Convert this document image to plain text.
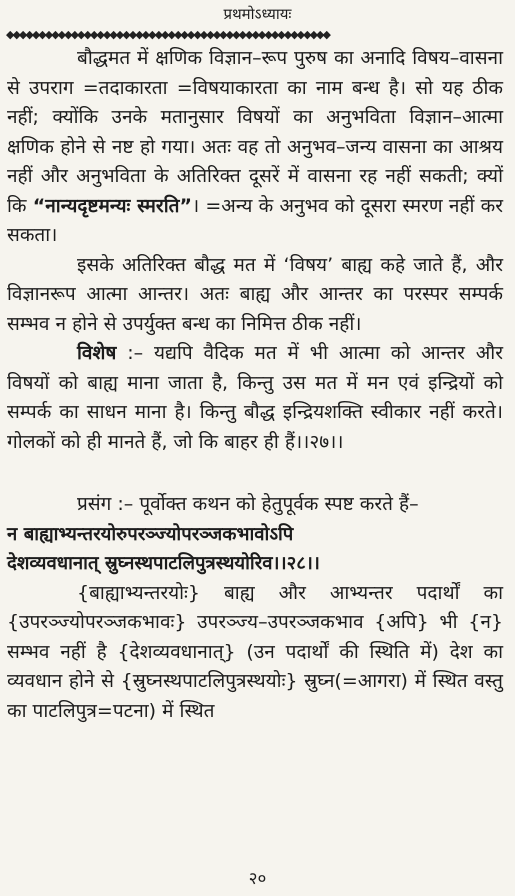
प्रथमोऽध्यायः
◆◆◆◆◆◆◆◆◆◆◆◆◆◆◆◆◆◆◆◆◆◆◆◆◆◆◆◆◆◆◆◆◆◆◆◆◆◆◆◆◆◆◆◆◆◆◆◆◆◆

बौद्धमत में क्षणिक विज्ञान–रूप पुरुष का अनादि विषय–वासना से उपराग =तदाकारता =विषयाकारता का नाम बन्ध है। सो यह ठीक नहीं; क्योंकि उनके मतानुसार विषयों का अनुभविता विज्ञान–आत्मा क्षणिक होने से नष्ट हो गया। अतः वह तो अनुभव–जन्य वासना का आश्रय नहीं और अनुभविता के अतिरिक्त दूसरें में वासना रह नहीं सकती; क्यों कि “नान्यदृष्टमन्यः स्मरति”। =अन्य के अनुभव को दूसरा स्मरण नहीं कर सकता।

इसके अतिरिक्त बौद्ध मत में ‘विषय’ बाह्य कहे जाते हैं, और विज्ञानरूप आत्मा आन्तर। अतः बाह्य और आन्तर का परस्पर सम्पर्क सम्भव न होने से उपर्युक्त बन्ध का निमित्त ठीक नहीं।

विशेष :– यद्यपि वैदिक मत में भी आत्मा को आन्तर और विषयों को बाह्य माना जाता है, किन्तु उस मत में मन एवं इन्द्रियों को सम्पर्क का साधन माना है। किन्तु बौद्ध इन्द्रियशक्ति स्वीकार नहीं करते। गोलकों को ही मानते हैं, जो कि बाहर ही हैं।।२७।।

प्रसंग :– पूर्वोक्त कथन को हेतुपूर्वक स्पष्ट करते हैं–

न बाह्याभ्यन्तरयोरुपरञ्ज्योपरञ्जकभावोऽपि
देशव्यवधानात् स्रुघ्नस्थपाटलिपुत्रस्थयोरिव।।२८।।

{बाह्याभ्यन्तरयोः} बाह्य और आभ्यन्तर पदार्थों का {उपरञ्ज्योपरञ्जकभावः} उपरञ्ज्य–उपरञ्जकभाव {अपि} भी {न} सम्भव नहीं है {देशव्यवधानात्} (उन पदार्थों की स्थिति में) देश का व्यवधान होने से {स्रुघ्नस्थपाटलिपुत्रस्थयोः} स्रुघ्न(=आगरा) में स्थित वस्तु का पाटलिपुत्र=पटना) में स्थित

२०
